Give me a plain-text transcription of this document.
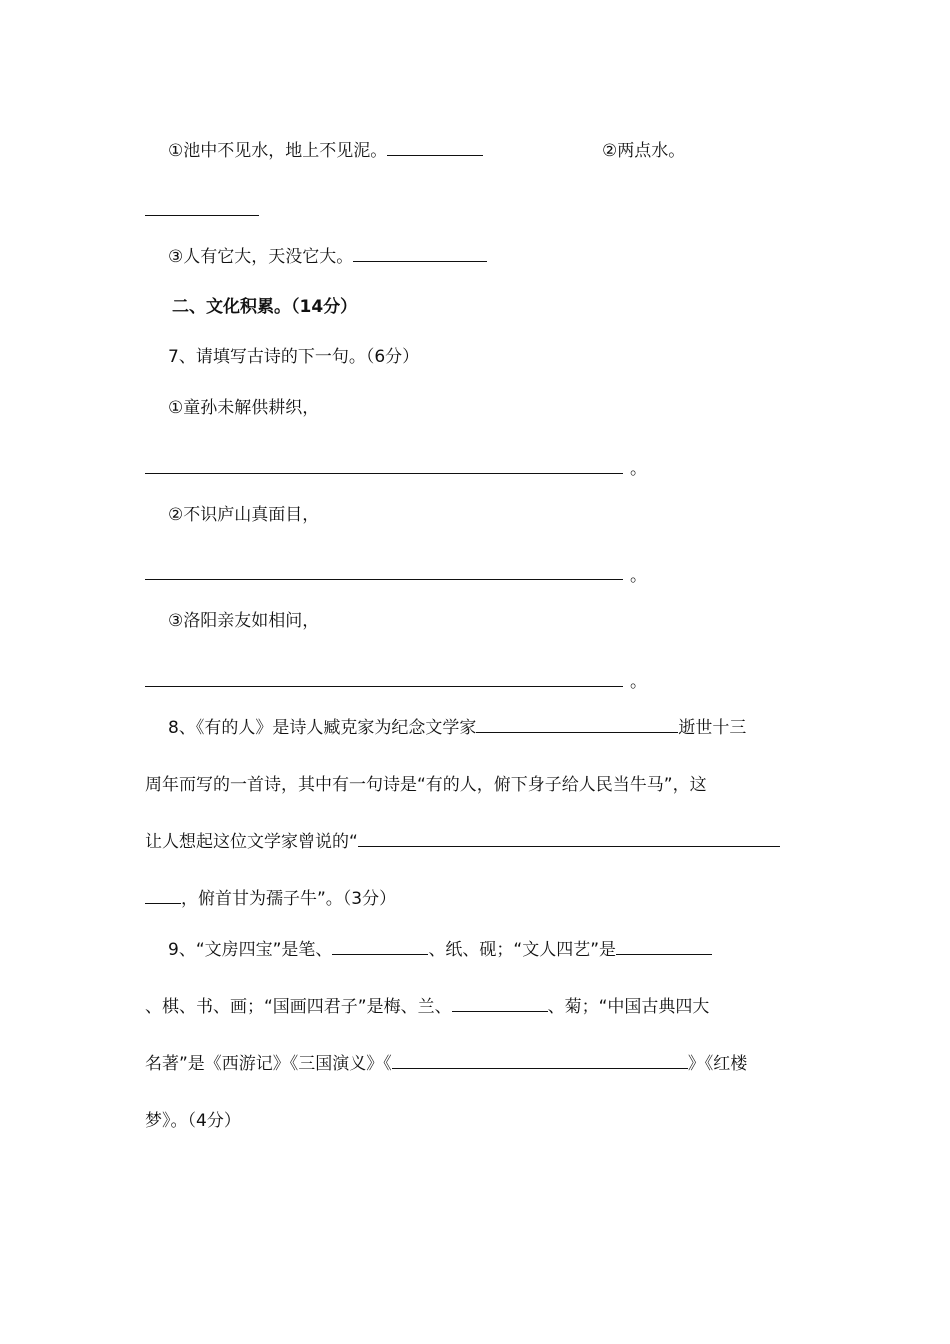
①池中不见水，地上不见泥。	②两点水。
③人有它大，天没它大。
二、文化积累。（14分）
7、请填写古诗的下一句。（6分）
①童孙未解供耕织，
。
②不识庐山真面目，
。
③洛阳亲友如相问，
。
8、《有的人》是诗人臧克家为纪念文学家	逝世十三
周年而写的一首诗，其中有一句诗是“有的人，俯下身子给人民当牛马”，这
让人想起这位文学家曾说的“
，俯首甘为孺子牛”。（3分）
9、“文房四宝”是笔、	、纸、砚；“文人四艺”是
、棋、书、画；“国画四君子”是梅、兰、	、菊；“中国古典四大
名著”是《西游记》《三国演义》《	》《红楼
梦》。（4分）
